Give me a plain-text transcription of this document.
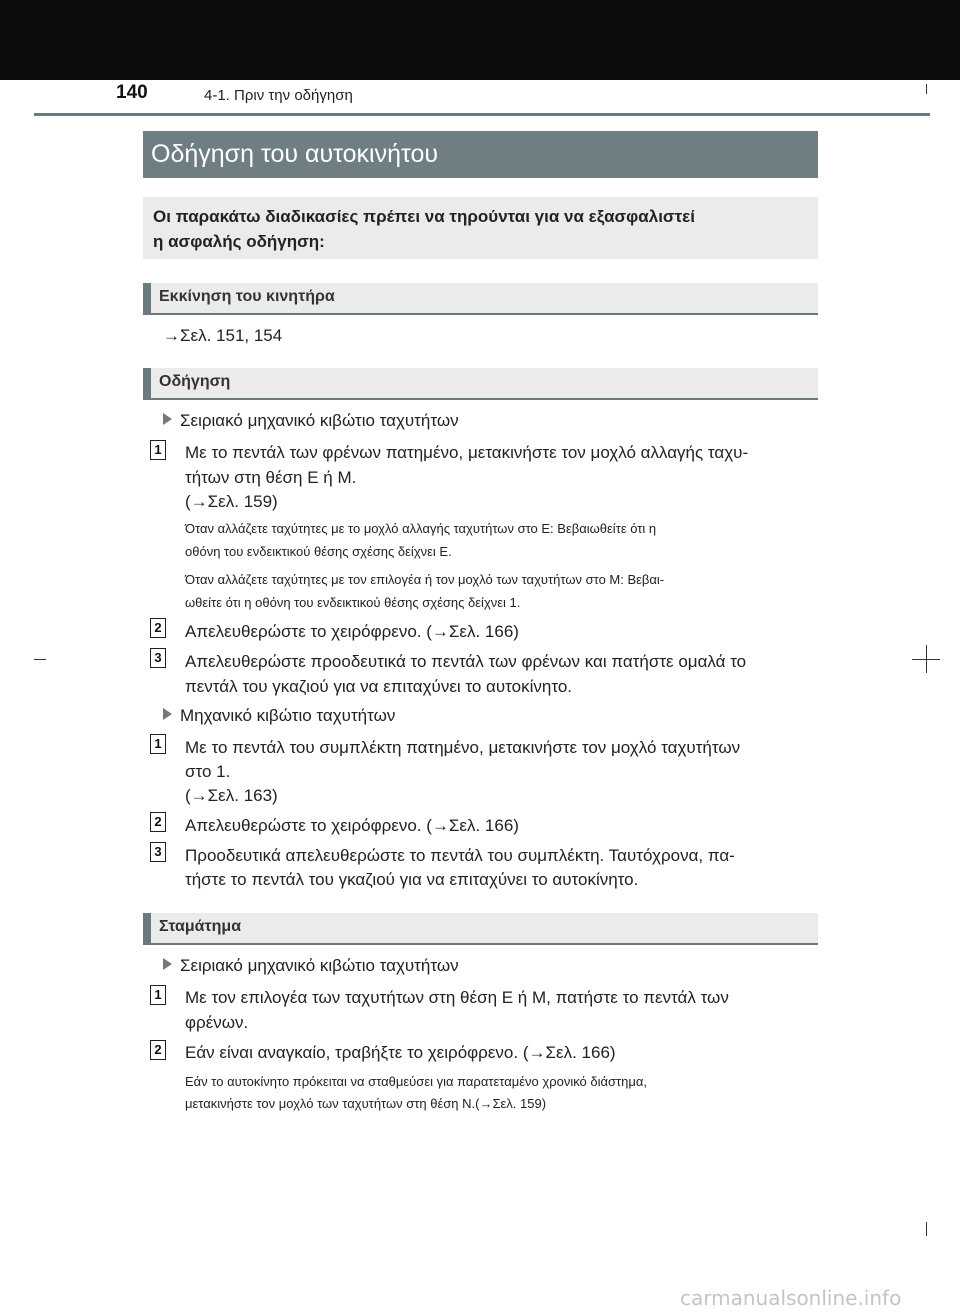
140	4-1. Πριν την οδήγηση
Οδήγηση του αυτοκινήτου
Οι παρακάτω διαδικασίες πρέπει να τηρούνται για να εξασφαλιστεί
η ασφαλής οδήγηση:
Εκκίνηση του κινητήρα
→Σελ. 151, 154
Οδήγηση
Σειριακό μηχανικό κιβώτιο ταχυτήτων
1 Με το πεντάλ των φρένων πατημένο, μετακινήστε τον μοχλό αλλαγής ταχυ-
τήτων στη θέση E ή M.
(→Σελ. 159)
Όταν αλλάζετε ταχύτητες με το μοχλό αλλαγής ταχυτήτων στο E: Βεβαιωθείτε ότι η
οθόνη του ενδεικτικού θέσης σχέσης δείχνει E.
Όταν αλλάζετε ταχύτητες με τον επιλογέα ή τον μοχλό των ταχυτήτων στο M: Βεβαι-
ωθείτε ότι η οθόνη του ενδεικτικού θέσης σχέσης δείχνει 1.
2 Απελευθερώστε το χειρόφρενο. (→Σελ. 166)
3 Απελευθερώστε προοδευτικά το πεντάλ των φρένων και πατήστε ομαλά το
πεντάλ του γκαζιού για να επιταχύνει το αυτοκίνητο.
Μηχανικό κιβώτιο ταχυτήτων
1 Με το πεντάλ του συμπλέκτη πατημένο, μετακινήστε τον μοχλό ταχυτήτων
στο 1.
(→Σελ. 163)
2 Απελευθερώστε το χειρόφρενο. (→Σελ. 166)
3 Προοδευτικά απελευθερώστε το πεντάλ του συμπλέκτη. Ταυτόχρονα, πα-
τήστε το πεντάλ του γκαζιού για να επιταχύνει το αυτοκίνητο.
Σταμάτημα
Σειριακό μηχανικό κιβώτιο ταχυτήτων
1 Με τον επιλογέα των ταχυτήτων στη θέση E ή M, πατήστε το πεντάλ των
φρένων.
2 Εάν είναι αναγκαίο, τραβήξτε το χειρόφρενο. (→Σελ. 166)
Εάν το αυτοκίνητο πρόκειται να σταθμεύσει για παρατεταμένο χρονικό διάστημα,
μετακινήστε τον μοχλό των ταχυτήτων στη θέση N.(→Σελ. 159)
carmanualsonline.info
